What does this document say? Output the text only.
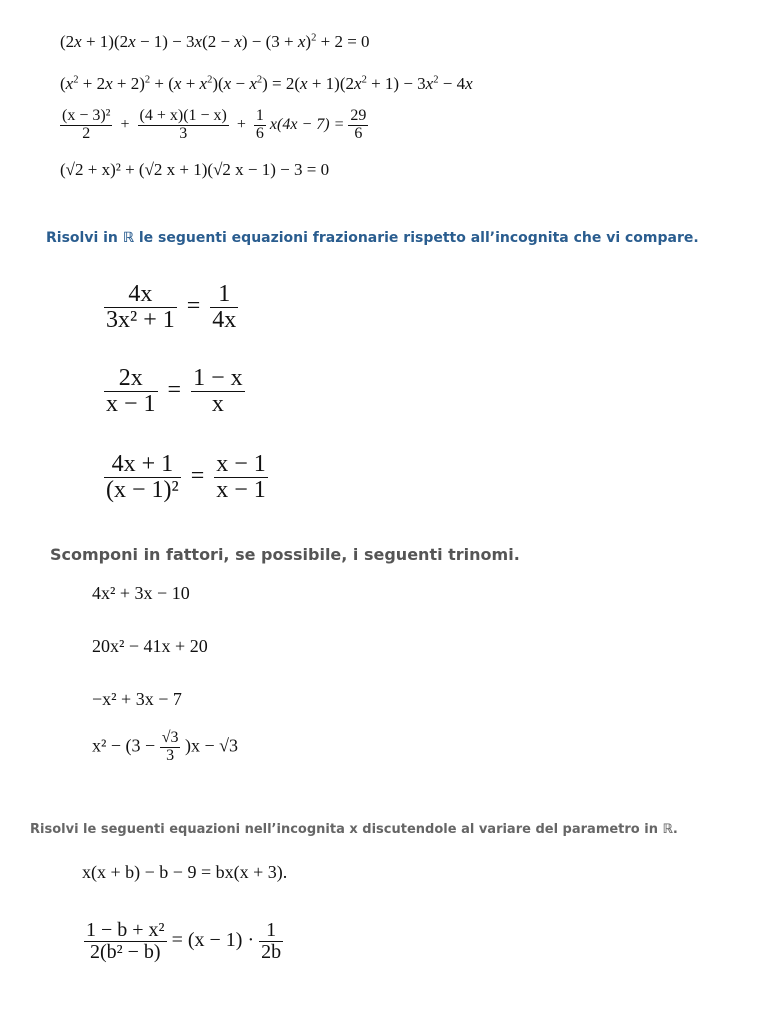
$(2x + 1)(2x - 1) - 3x(2 - x) - (3 + x)^2 + 2 = 0$
$(x^2 + 2x + 2)^2 + (x + x^2)(x - x^2) = 2(x + 1)(2x^2 + 1) - 3x^2 - 4x$
$\frac{\text{(x − 3)²}}{2} + \frac{(4 + x)(1 - x)}{3} + \frac{1}{6} x(4x - 7) = \frac{29}{6}$
(√2 + x)² + (√2 x + 1)(√2 x − 1) − 3 = 0
Risolvi in ℝ le seguenti equazioni frazionarie rispetto all’incognita che vi compare.
$\frac{4x}{\text{3x² + 1}} = \frac{1}{4x}$
$\frac{2x}{x - 1} = \frac{1 - x}{x}$
$\frac{4x + 1}{\text{(x − 1)²}} = \frac{x - 1}{x - 1}$
Scomponi in fattori, se possibile, i seguenti trinomi.
4x² + 3x − 10
20x² − 41x + 20
−x² + 3x − 7
$x^2 - (3 - \frac{√3}{3} )x - √3$
Risolvi le seguenti equazioni nell’incognita x discutendole al variare del parametro in ℝ.
x(x + b) − b − 9 = bx(x + 3).
$\frac{\text{1 − b + x²}}{\text{2(b² − b)}} = (x - 1) \cdot \frac{1}{2b}$
